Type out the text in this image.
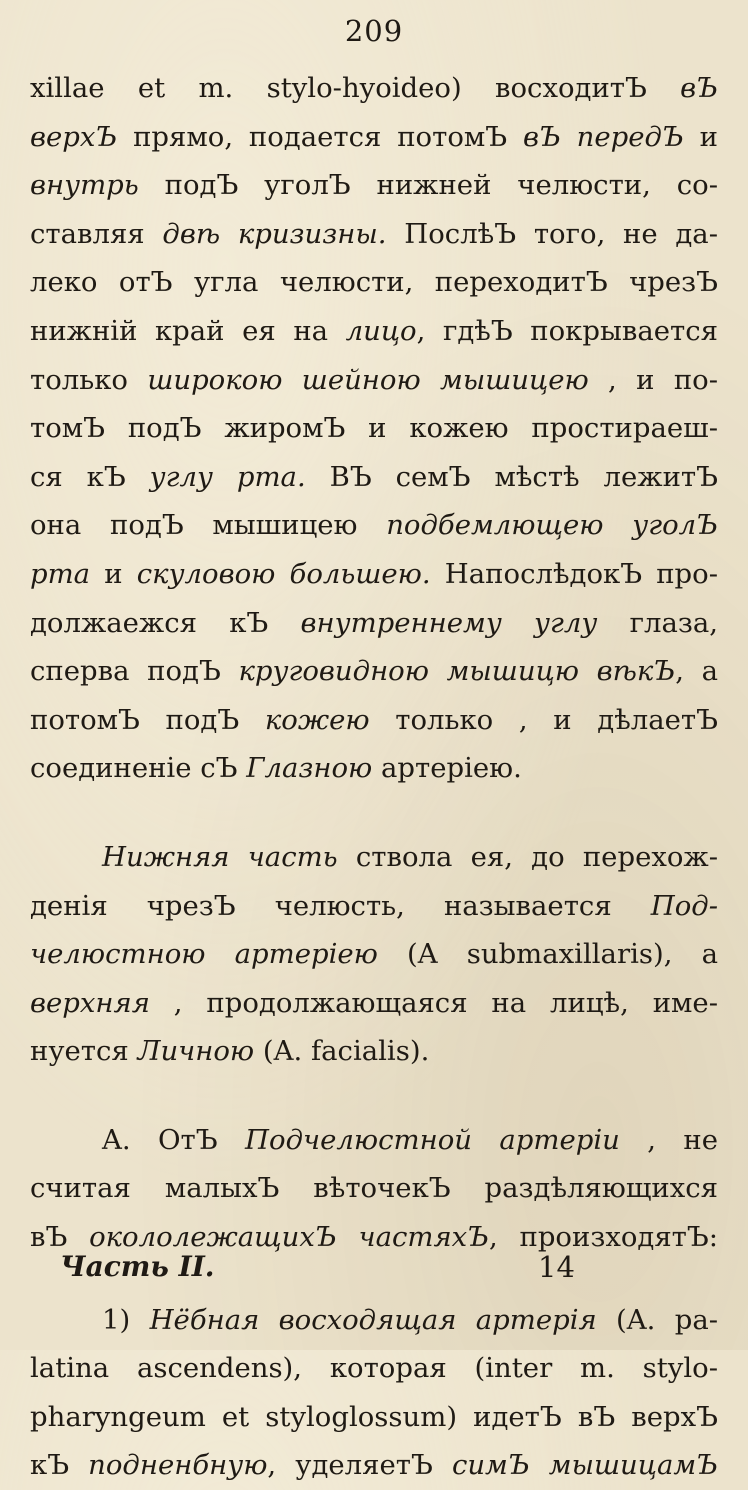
209
xillae et m. stylo-hyoideo) восходитЪ вЪ
верхЪ прямо, подается потомЪ вЪ передЪ и
внутрь подЪ уголЪ нижней челюсти, со-
ставляя двѣ кризизны. ПослѣЪ того, не да-
леко отЪ угла челюсти, переходитЪ чрезЪ
нижнiй край ея на лицо, гдѣЪ покрывается
только широкою шейною мышицею , и по-
томЪ подЪ жиромЪ и кожею простираеш-
ся кЪ углу рта. ВЪ семЪ мѣстѣ лежитЪ
она подЪ мышицею подбемлющею уголЪ
рта и скуловою большею. НапослѣдокЪ про-
должаежся кЪ внутреннему углу глаза,
сперва подЪ круговидною мышицю вѣкЪ, а
потомЪ подЪ кожею только , и дѣлаетЪ
соединенiе сЪ Глазною артерiею.
Нижняя часть ствола ея, до перехож-
денiя чрезЪ челюсть, называется Под-
челюстною артерiею (A submaxillaris), а
верхняя , продолжающаяся на лицѣ, име-
нуется Личною (A. facialis).
A. ОтЪ Подчелюстной артерiи , не
считая малыхЪ вѣточекЪ раздѣляющихся
вЪ окололежащихЪ частяхЪ, произходятЪ:
1) Нёбная восходящая артерiя (A. pa-
latina ascendens), которая (inter m. stylo-
pharyngeum et styloglossum) идетЪ вЪ верхЪ
кЪ подненбную, уделяетЪ симЪ мышицамЪ
Часть II.	14
